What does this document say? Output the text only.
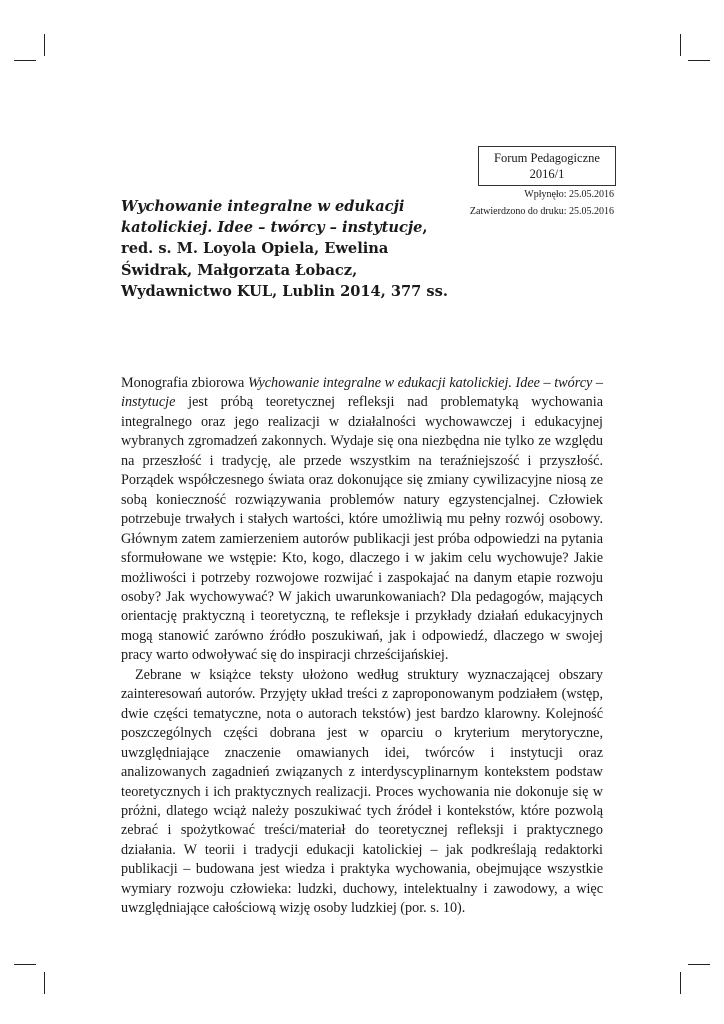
Forum Pedagogiczne
2016/1
Wpłynęło: 25.05.2016
Zatwierdzono do druku: 25.05.2016
Wychowanie integralne w edukacji
katolickiej. Idee – twórcy – instytucje,
red. s. M. Loyola Opiela, Ewelina
Świdrak, Małgorzata Łobacz,
Wydawnictwo KUL, Lublin 2014, 377 ss.

Monografia zbiorowa Wychowanie integralne w edukacji katolickiej. Idee – twórcy – instytucje jest próbą teoretycznej refleksji nad problematyką wychowania integralnego oraz jego realizacji w działalności wychowawczej i edukacyjnej wybranych zgromadzeń zakonnych. Wydaje się ona niezbędna nie tylko ze względu na przeszłość i tradycję, ale przede wszystkim na teraźniejszość i przyszłość. Porządek współczesnego świata oraz dokonujące się zmiany cywilizacyjne niosą ze sobą konieczność rozwiązywania problemów natury egzystencjalnej. Człowiek potrzebuje trwałych i stałych wartości, które umożliwią mu pełny rozwój osobowy. Głównym zatem zamierzeniem autorów publikacji jest próba odpowiedzi na pytania sformułowane we wstępie: Kto, kogo, dlaczego i w jakim celu wychowuje? Jakie możliwości i potrzeby rozwojowe rozwijać i zaspokajać na danym etapie rozwoju osoby? Jak wychowywać? W jakich uwarunkowaniach? Dla pedagogów, mających orientację praktyczną i teoretyczną, te refleksje i przykłady działań edukacyjnych mogą stanowić zarówno źródło poszukiwań, jak i odpowiedź, dlaczego w swojej pracy warto odwoływać się do inspiracji chrześcijańskiej.

Zebrane w książce teksty ułożono według struktury wyznaczającej obszary zainteresowań autorów. Przyjęty układ treści z zaproponowanym podziałem (wstęp, dwie części tematyczne, nota o autorach tekstów) jest bardzo klarowny. Kolejność poszczególnych części dobrana jest w oparciu o kryterium merytoryczne, uwzględniające znaczenie omawianych idei, twórców i instytucji oraz analizowanych zagadnień związanych z interdyscyplinarnym kontekstem podstaw teoretycznych i ich praktycznych realizacji. Proces wychowania nie dokonuje się w próżni, dlatego wciąż należy poszukiwać tych źródeł i kontekstów, które pozwolą zebrać i spożytkować treści/materiał do teoretycznej refleksji i praktycznego działania. W teorii i tradycji edukacji katolickiej – jak podkreślają redaktorki publikacji – budowana jest wiedza i praktyka wychowania, obejmujące wszystkie wymiary rozwoju człowieka: ludzki, duchowy, intelektualny i zawodowy, a więc uwzględniające całościową wizję osoby ludzkiej (por. s. 10).
